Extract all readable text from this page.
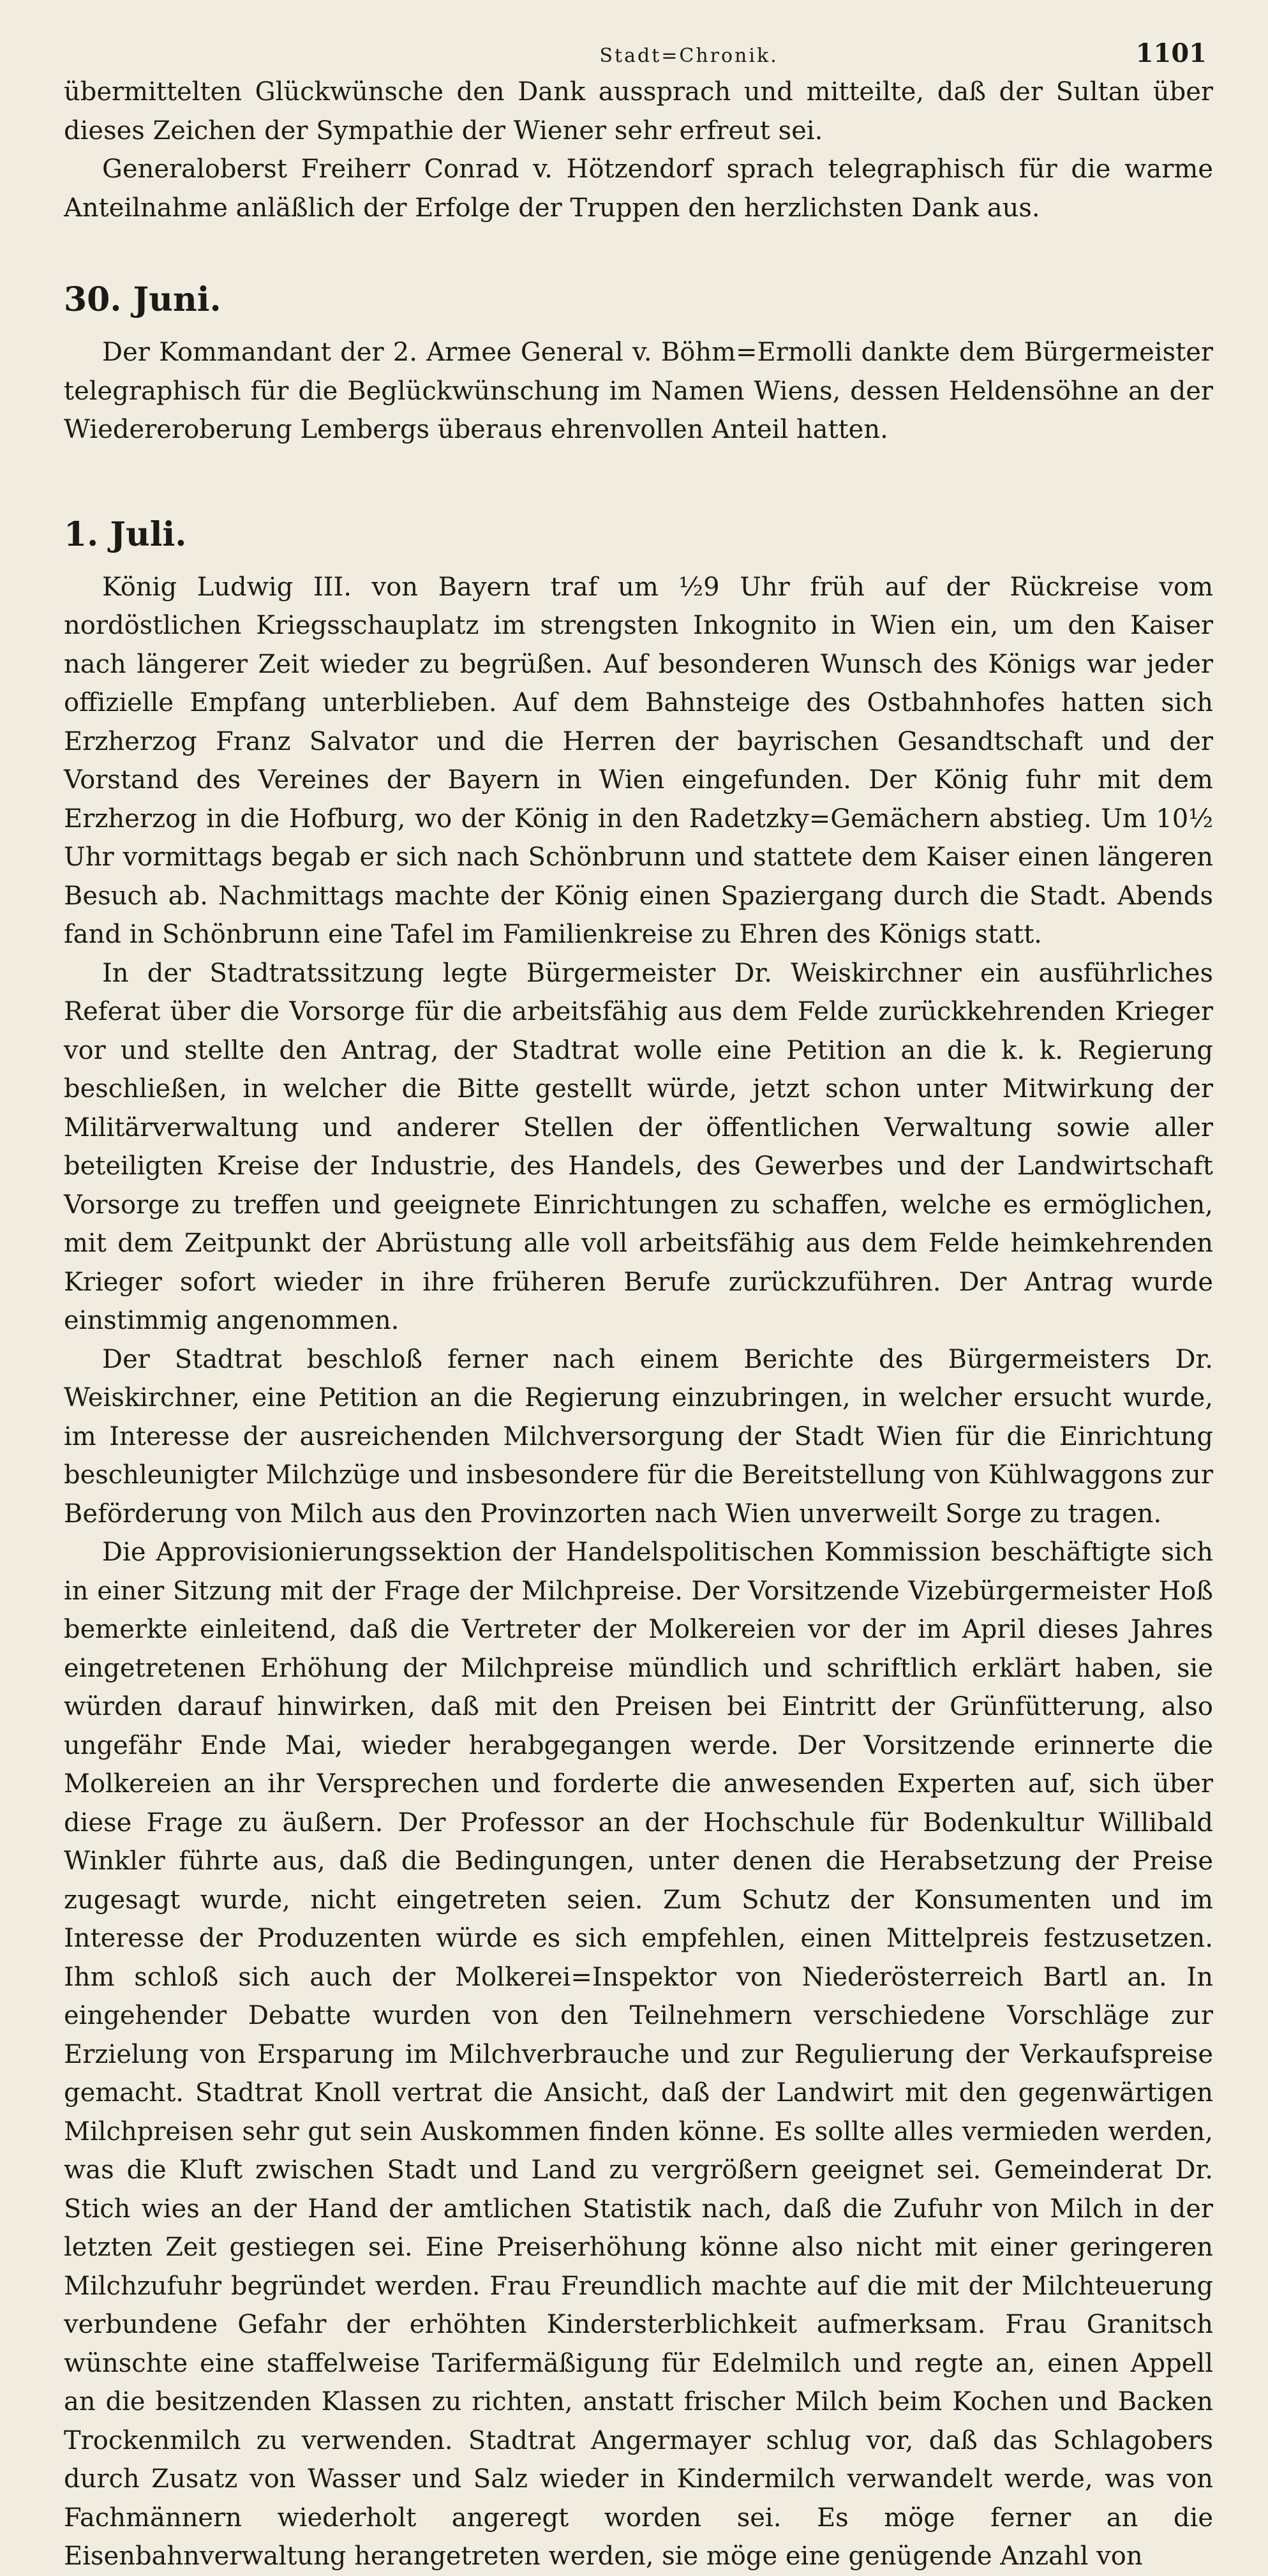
Stadt=Chronik.	1101

übermittelten Glückwünsche den Dank aussprach und mitteilte, daß der Sultan über dieses Zeichen der Sympathie der Wiener sehr erfreut sei.

Generaloberst Freiherr Conrad v. Hötzendorf sprach telegraphisch für die warme Anteilnahme anläßlich der Erfolge der Truppen den herzlichsten Dank aus.

30. Juni.

Der Kommandant der 2. Armee General v. Böhm=Ermolli dankte dem Bürgermeister telegraphisch für die Beglückwünschung im Namen Wiens, dessen Heldensöhne an der Wiedereroberung Lembergs überaus ehrenvollen Anteil hatten.

1. Juli.

König Ludwig III. von Bayern traf um ½9 Uhr früh auf der Rückreise vom nordöstlichen Kriegsschauplatz im strengsten Inkognito in Wien ein, um den Kaiser nach längerer Zeit wieder zu begrüßen. Auf besonderen Wunsch des Königs war jeder offizielle Empfang unterblieben. Auf dem Bahnsteige des Ostbahnhofes hatten sich Erzherzog Franz Salvator und die Herren der bayrischen Gesandtschaft und der Vorstand des Vereines der Bayern in Wien eingefunden. Der König fuhr mit dem Erzherzog in die Hofburg, wo der König in den Radetzky=Gemächern abstieg. Um 10½ Uhr vormittags begab er sich nach Schönbrunn und stattete dem Kaiser einen längeren Besuch ab. Nachmittags machte der König einen Spaziergang durch die Stadt. Abends fand in Schönbrunn eine Tafel im Familienkreise zu Ehren des Königs statt.

In der Stadtratssitzung legte Bürgermeister Dr. Weiskirchner ein ausführliches Referat über die Vorsorge für die arbeitsfähig aus dem Felde zurückkehrenden Krieger vor und stellte den Antrag, der Stadtrat wolle eine Petition an die k. k. Regierung beschließen, in welcher die Bitte gestellt würde, jetzt schon unter Mitwirkung der Militärverwaltung und anderer Stellen der öffentlichen Verwaltung sowie aller beteiligten Kreise der Industrie, des Handels, des Gewerbes und der Landwirtschaft Vorsorge zu treffen und geeignete Einrichtungen zu schaffen, welche es ermöglichen, mit dem Zeitpunkt der Abrüstung alle voll arbeitsfähig aus dem Felde heimkehrenden Krieger sofort wieder in ihre früheren Berufe zurückzuführen. Der Antrag wurde einstimmig angenommen.

Der Stadtrat beschloß ferner nach einem Berichte des Bürgermeisters Dr. Weiskirchner, eine Petition an die Regierung einzubringen, in welcher ersucht wurde, im Interesse der ausreichenden Milchversorgung der Stadt Wien für die Einrichtung beschleunigter Milchzüge und insbesondere für die Bereitstellung von Kühlwaggons zur Beförderung von Milch aus den Provinzorten nach Wien unverweilt Sorge zu tragen.

Die Approvisionierungssektion der Handelspolitischen Kommission beschäftigte sich in einer Sitzung mit der Frage der Milchpreise. Der Vorsitzende Vizebürgermeister Hoß bemerkte einleitend, daß die Vertreter der Molkereien vor der im April dieses Jahres eingetretenen Erhöhung der Milchpreise mündlich und schriftlich erklärt haben, sie würden darauf hinwirken, daß mit den Preisen bei Eintritt der Grünfütterung, also ungefähr Ende Mai, wieder herabgegangen werde. Der Vorsitzende erinnerte die Molkereien an ihr Versprechen und forderte die anwesenden Experten auf, sich über diese Frage zu äußern. Der Professor an der Hochschule für Bodenkultur Willibald Winkler führte aus, daß die Bedingungen, unter denen die Herabsetzung der Preise zugesagt wurde, nicht eingetreten seien. Zum Schutz der Konsumenten und im Interesse der Produzenten würde es sich empfehlen, einen Mittelpreis festzusetzen. Ihm schloß sich auch der Molkerei=Inspektor von Niederösterreich Bartl an. In eingehender Debatte wurden von den Teilnehmern verschiedene Vorschläge zur Erzielung von Ersparung im Milchverbrauche und zur Regulierung der Verkaufspreise gemacht. Stadtrat Knoll vertrat die Ansicht, daß der Landwirt mit den gegenwärtigen Milchpreisen sehr gut sein Auskommen finden könne. Es sollte alles vermieden werden, was die Kluft zwischen Stadt und Land zu vergrößern geeignet sei. Gemeinderat Dr. Stich wies an der Hand der amtlichen Statistik nach, daß die Zufuhr von Milch in der letzten Zeit gestiegen sei. Eine Preiserhöhung könne also nicht mit einer geringeren Milchzufuhr begründet werden. Frau Freundlich machte auf die mit der Milchteuerung verbundene Gefahr der erhöhten Kindersterblichkeit aufmerksam. Frau Granitsch wünschte eine staffelweise Tarifermäßigung für Edelmilch und regte an, einen Appell an die besitzenden Klassen zu richten, anstatt frischer Milch beim Kochen und Backen Trockenmilch zu verwenden. Stadtrat Angermayer schlug vor, daß das Schlagobers durch Zusatz von Wasser und Salz wieder in Kindermilch verwandelt werde, was von Fachmännern wiederholt angeregt worden sei. Es möge ferner an die Eisenbahnverwaltung herangetreten werden, sie möge eine genügende Anzahl von
